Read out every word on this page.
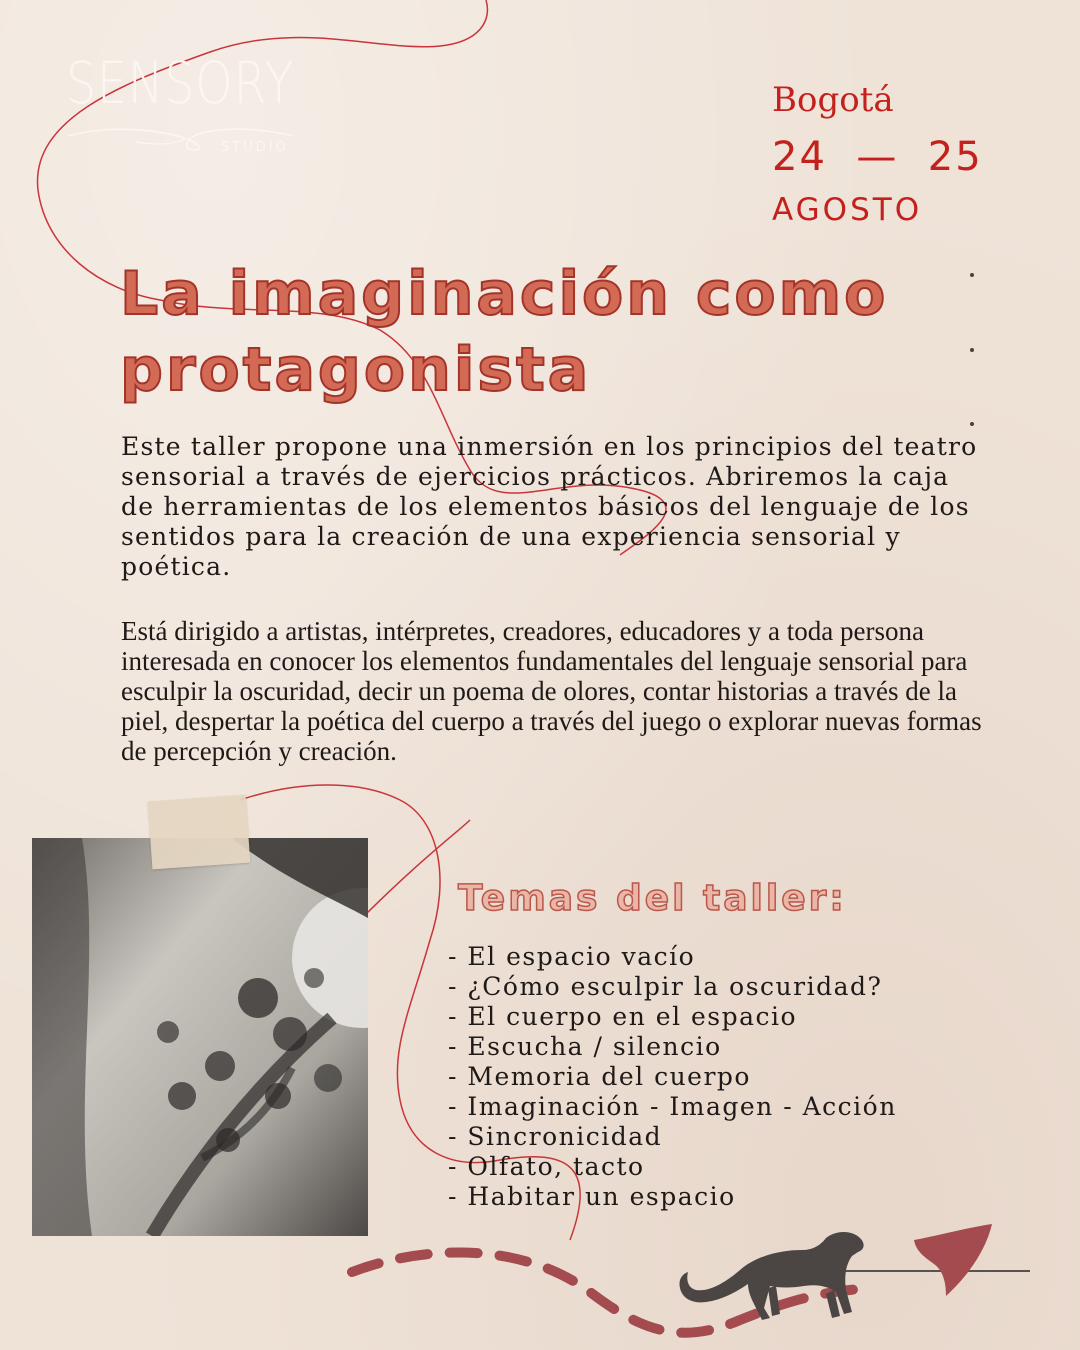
SENSORY
STUDIO
Bogotá
24  —  25
AGOSTO
La imaginación como protagonista

Este taller propone una inmersión en los principios del teatro sensorial a través de ejercicios prácticos. Abriremos la caja de herramientas de los elementos básicos del lenguaje de los sentidos para la creación de una experiencia sensorial y poética.

Está dirigido a artistas, intérpretes, creadores, educadores y a toda persona interesada en conocer los elementos fundamentales del lenguaje sensorial para esculpir la oscuridad, decir un poema de olores, contar historias a través de la piel, despertar la poética del cuerpo a través del juego o explorar nuevas formas de percepción y creación.

Temas del taller:
- El espacio vacío
- ¿Cómo esculpir la oscuridad?
- El cuerpo en el espacio
- Escucha / silencio
- Memoria del cuerpo
- Imaginación - Imagen - Acción
- Sincronicidad
- Olfato, tacto
- Habitar un espacio
